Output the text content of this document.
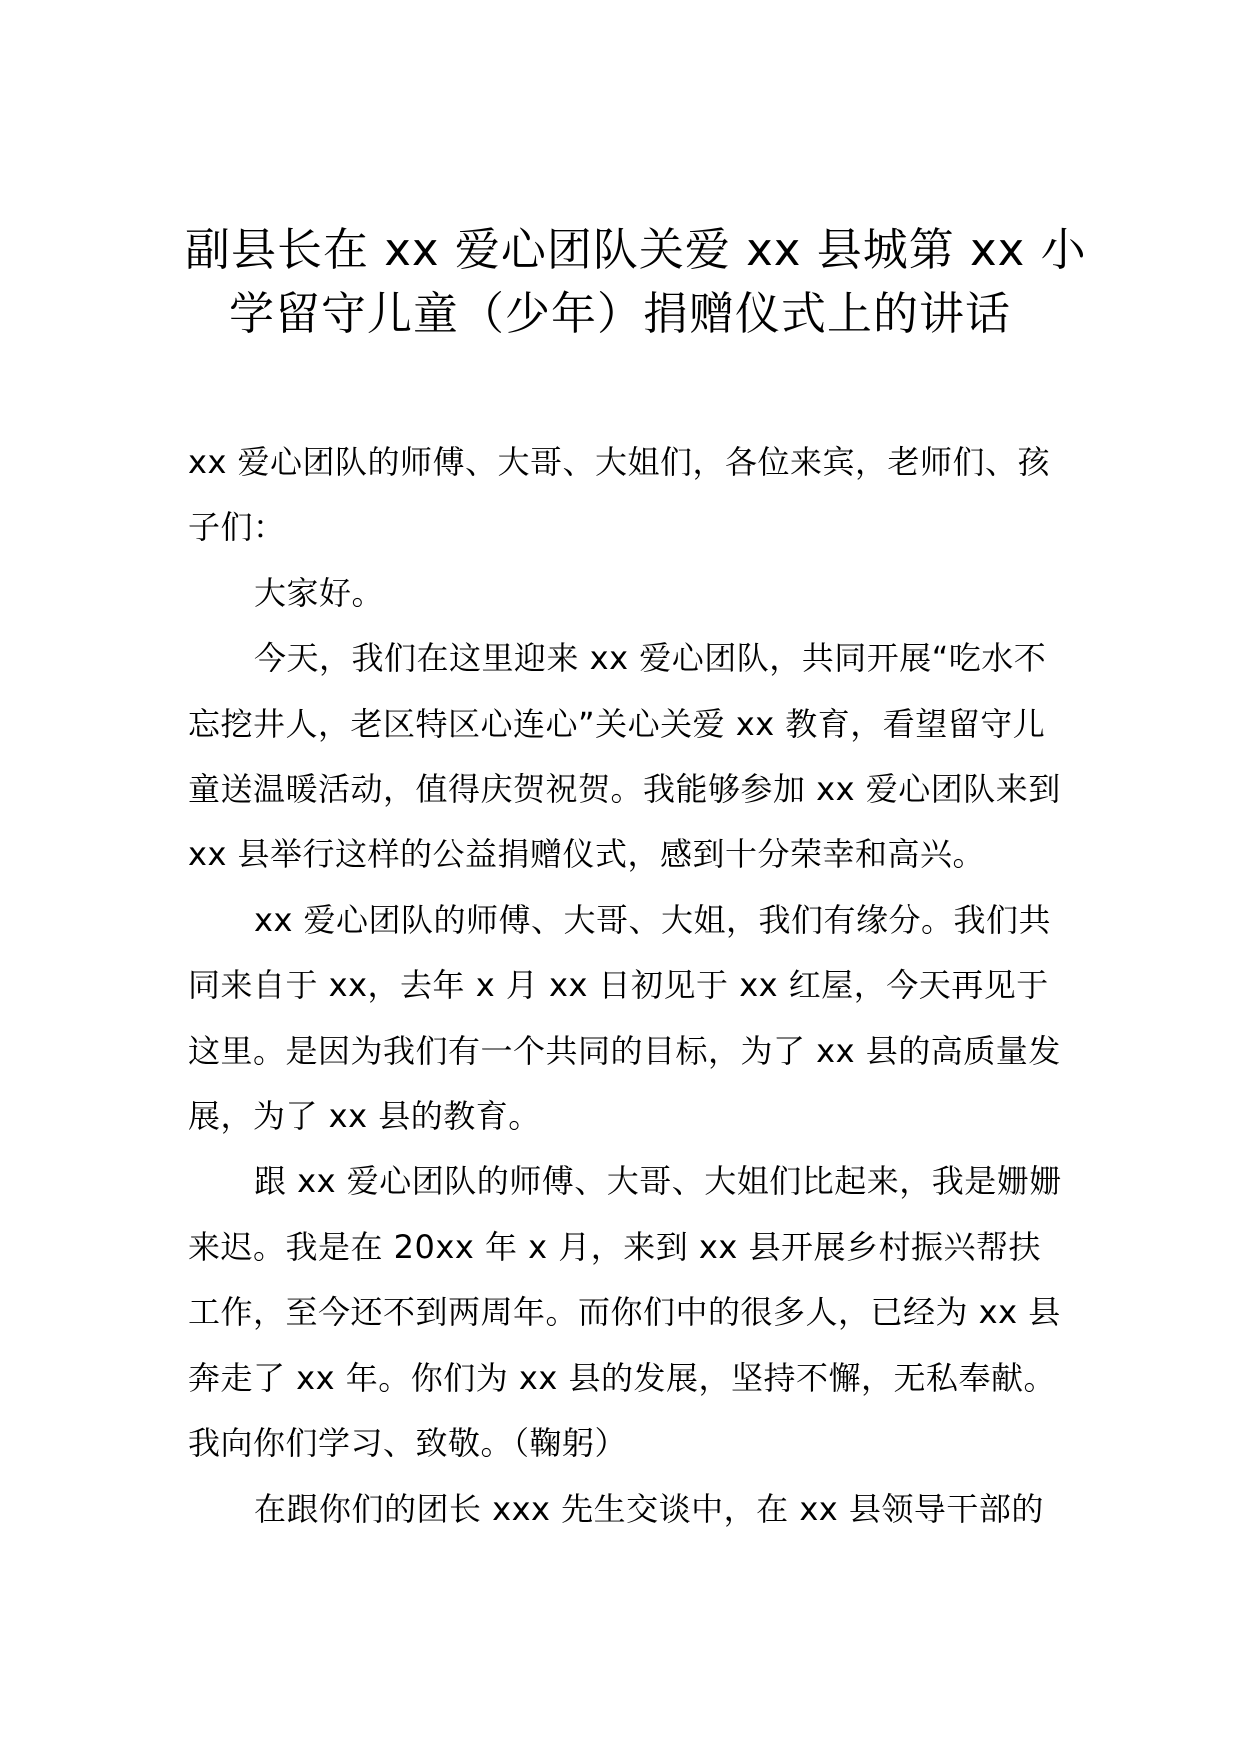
副县长在 xx 爱心团队关爱 xx 县城第 xx 小
学留守儿童（少年）捐赠仪式上的讲话

xx 爱心团队的师傅、大哥、大姐们，各位来宾，老师们、孩子们：

大家好。

今天，我们在这里迎来 xx 爱心团队，共同开展“吃水不忘挖井人，老区特区心连心”关心关爱 xx 教育，看望留守儿童送温暖活动，值得庆贺祝贺。我能够参加 xx 爱心团队来到 xx 县举行这样的公益捐赠仪式，感到十分荣幸和高兴。

xx 爱心团队的师傅、大哥、大姐，我们有缘分。我们共同来自于 xx，去年 x 月 xx 日初见于 xx 红屋，今天再见于这里。是因为我们有一个共同的目标，为了 xx 县的高质量发展，为了 xx 县的教育。

跟 xx 爱心团队的师傅、大哥、大姐们比起来，我是姗姗来迟。我是在 20xx 年 x 月，来到 xx 县开展乡村振兴帮扶工作，至今还不到两周年。而你们中的很多人，已经为 xx 县奔走了 xx 年。你们为 xx 县的发展，坚持不懈，无私奉献。我向你们学习、致敬。（鞠躬）

在跟你们的团长 xxx 先生交谈中，在 xx 县领导干部的
